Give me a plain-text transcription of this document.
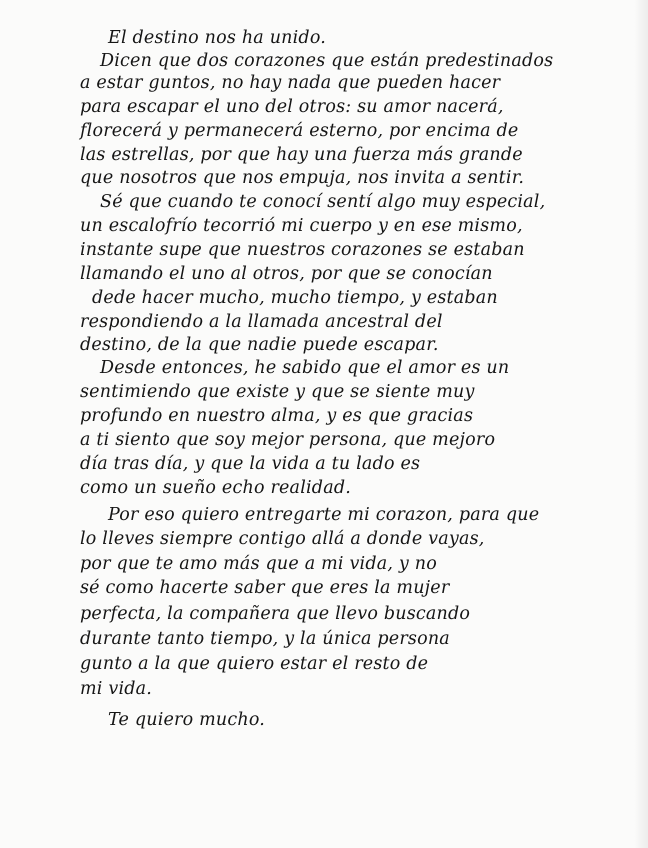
El destino nos ha unido.
Dicen que dos corazones que están predestinados
a estar guntos, no hay nada que pueden hacer
para escapar el uno del otros: su amor nacerá,
florecerá y permanecerá esterno, por encima de
las estrellas, por que hay una fuerza más grande
que nosotros que nos empuja, nos invita a sentir.
Sé que cuando te conocí sentí algo muy especial,
un escalofrío tecorrió mi cuerpo y en ese mismo,
instante supe que nuestros corazones se estaban
llamando el uno al otros, por que se conocían
dede hacer mucho, mucho tiempo, y estaban
respondiendo a la llamada ancestral del
destino, de la que nadie puede escapar.
Desde entonces, he sabido que el amor es un
sentimiendo que existe y que se siente muy
profundo en nuestro alma, y es que gracias
a ti siento que soy mejor persona, que mejoro
día tras día, y que la vida a tu lado es
como un sueño echo realidad.
Por eso quiero entregarte mi corazon, para que
lo lleves siempre contigo allá a donde vayas,
por que te amo más que a mi vida, y no
sé como hacerte saber que eres la mujer
perfecta, la compañera que llevo buscando
durante tanto tiempo, y la única persona
gunto a la que quiero estar el resto de
mi vida.
Te quiero mucho.
